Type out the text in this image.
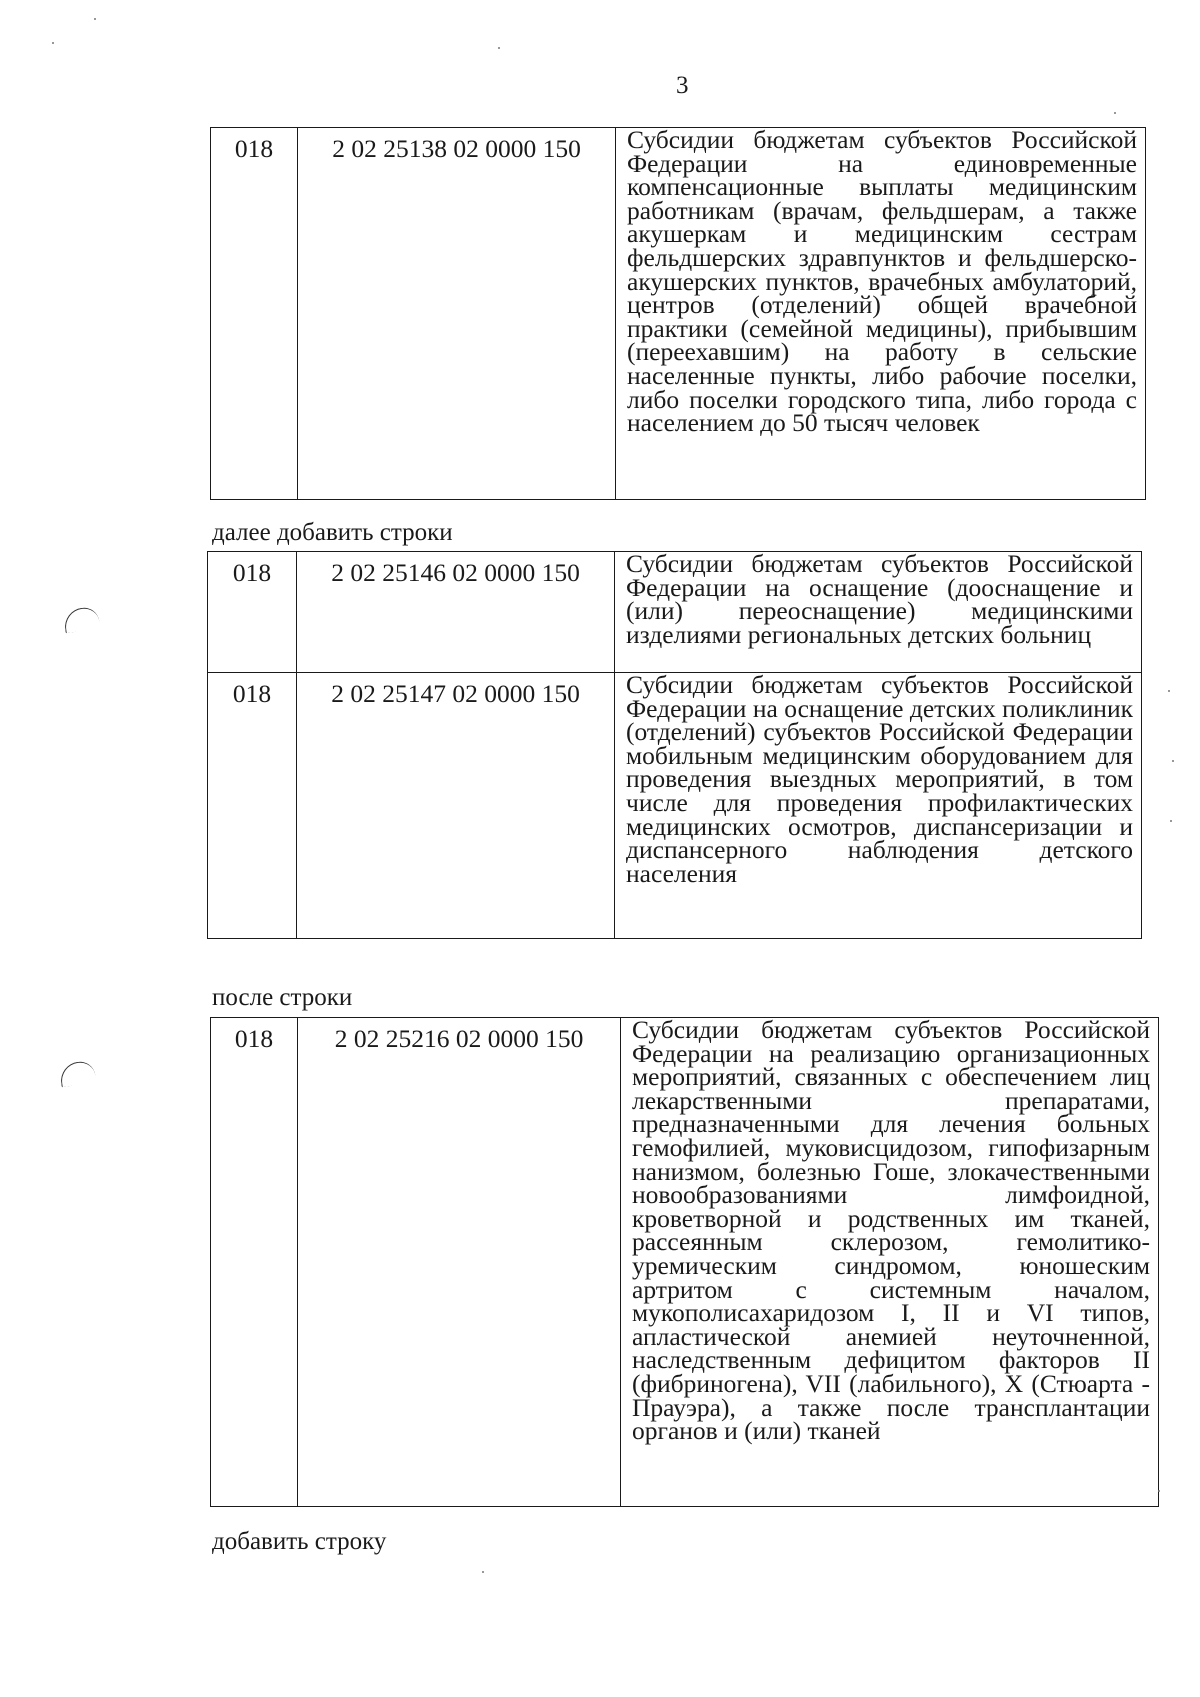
3
018	2 02 25138 02 0000 150	Субсидии бюджетам субъектов Российской Федерации на единовременные компенсационные выплаты медицинским работникам (врачам, фельдшерам, а также акушеркам и медицинским сестрам фельдшерских здравпунктов и фельдшерско-акушерских пунктов, врачебных амбулаторий, центров (отделений) общей врачебной практики (семейной медицины), прибывшим (переехавшим) на работу в сельские населенные пункты, либо рабочие поселки, либо поселки городского типа, либо города с населением до 50 тысяч человек
далее добавить строки
018	2 02 25146 02 0000 150	Субсидии бюджетам субъектов Российской Федерации на оснащение (дооснащение и (или) переоснащение) медицинскими изделиями региональных детских больниц
018	2 02 25147 02 0000 150	Субсидии бюджетам субъектов Российской Федерации на оснащение детских поликлиник (отделений) субъектов Российской Федерации мобильным медицинским оборудованием для проведения выездных мероприятий, в том числе для проведения профилактических медицинских осмотров, диспансеризации и диспансерного наблюдения детского населения
после строки
018	2 02 25216 02 0000 150	Субсидии бюджетам субъектов Российской Федерации на реализацию организационных мероприятий, связанных с обеспечением лиц лекарственными препаратами, предназначенными для лечения больных гемофилией, муковисцидозом, гипофизарным нанизмом, болезнью Гоше, злокачественными новообразованиями лимфоидной, кроветворной и родственных им тканей, рассеянным склерозом, гемолитико-уремическим синдромом, юношеским артритом с системным началом, мукополисахаридозом I, II и VI типов, апластической анемией неуточненной, наследственным дефицитом факторов II (фибриногена), VII (лабильного), X (Стюарта - Прауэра), а также после трансплантации органов и (или) тканей
добавить строку
